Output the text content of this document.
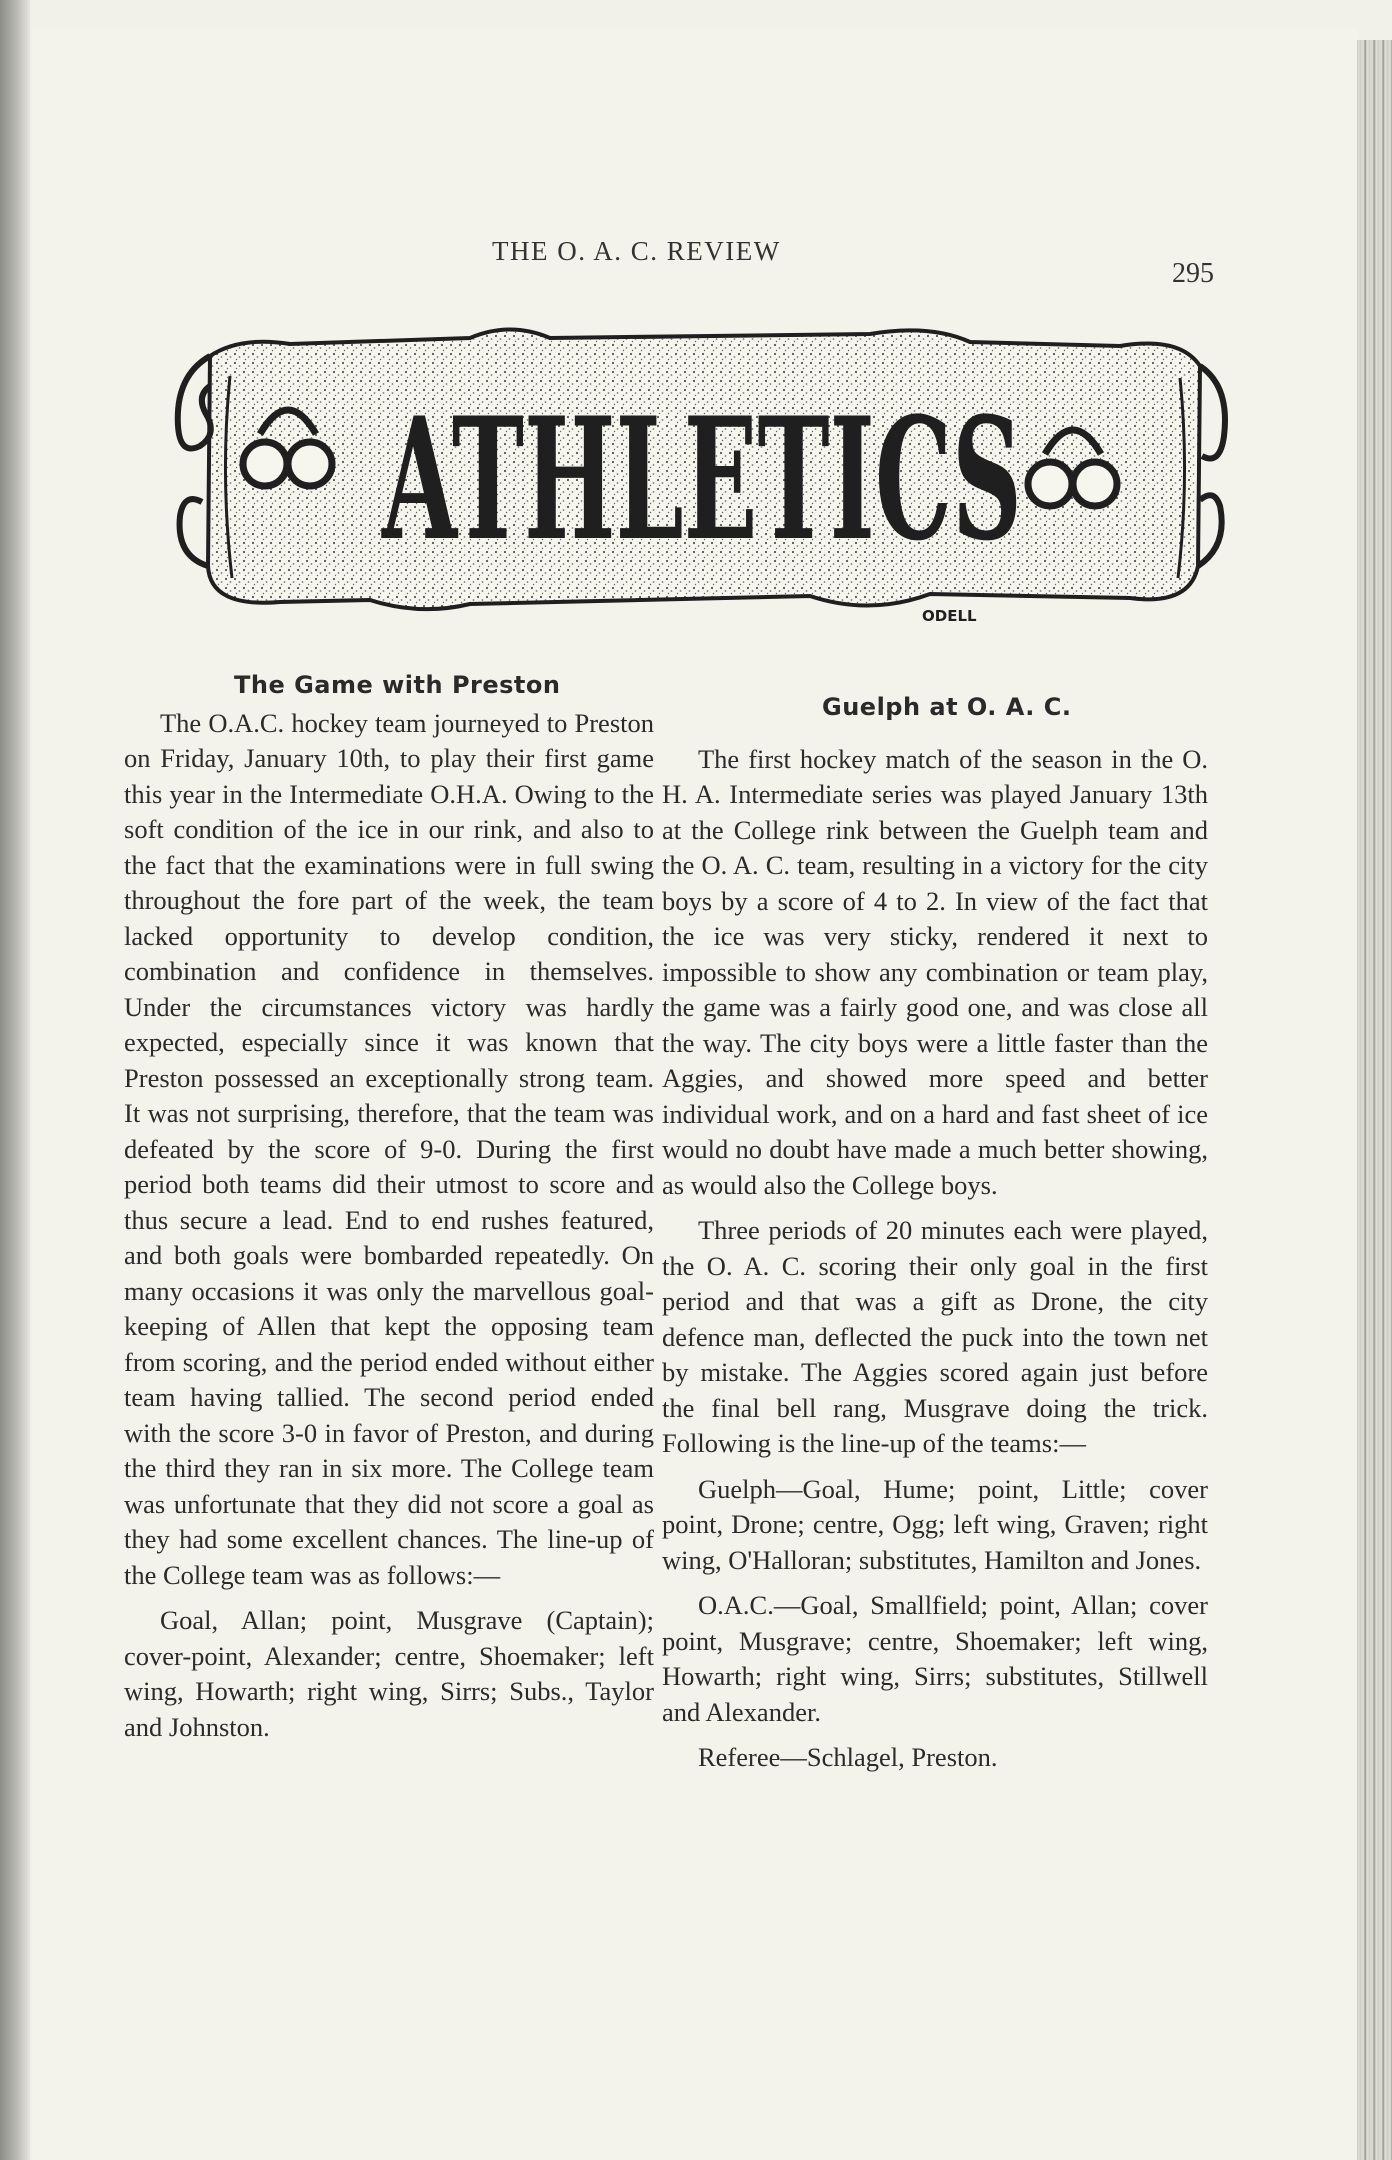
THE O. A. C. REVIEW
295
ATHLETICS
ODELL
The Game with Preston

The O.A.C. hockey team journeyed to Preston on Friday, January 10th, to play their first game this year in the Intermediate O.H.A. Owing to the soft condition of the ice in our rink, and also to the fact that the examinations were in full swing throughout the fore part of the week, the team lacked opportunity to develop condition, combination and confidence in themselves. Under the circumstances victory was hardly expected, especially since it was known that Preston possessed an exceptionally strong team. It was not surprising, therefore, that the team was defeated by the score of 9-0. During the first period both teams did their utmost to score and thus secure a lead. End to end rushes featured, and both goals were bombarded repeatedly. On many occasions it was only the marvellous goal-keeping of Allen that kept the opposing team from scoring, and the period ended without either team having tallied. The second period ended with the score 3-0 in favor of Preston, and during the third they ran in six more. The College team was unfortunate that they did not score a goal as they had some excellent chances. The line-up of the College team was as follows:—

Goal, Allan; point, Musgrave (Captain); cover-point, Alexander; centre, Shoemaker; left wing, Howarth; right wing, Sirrs; Subs., Taylor and Johnston.

Guelph at O. A. C.

The first hockey match of the season in the O. H. A. Intermediate series was played January 13th at the College rink between the Guelph team and the O. A. C. team, resulting in a victory for the city boys by a score of 4 to 2. In view of the fact that the ice was very sticky, rendered it next to impossible to show any combination or team play, the game was a fairly good one, and was close all the way. The city boys were a little faster than the Aggies, and showed more speed and better individual work, and on a hard and fast sheet of ice would no doubt have made a much better showing, as would also the College boys.

Three periods of 20 minutes each were played, the O. A. C. scoring their only goal in the first period and that was a gift as Drone, the city defence man, deflected the puck into the town net by mistake. The Aggies scored again just before the final bell rang, Musgrave doing the trick. Following is the line-up of the teams:—

Guelph—Goal, Hume; point, Little; cover point, Drone; centre, Ogg; left wing, Graven; right wing, O'Halloran; substitutes, Hamilton and Jones.

O.A.C.—Goal, Smallfield; point, Allan; cover point, Musgrave; centre, Shoemaker; left wing, Howarth; right wing, Sirrs; substitutes, Stillwell and Alexander.

Referee—Schlagel, Preston.
